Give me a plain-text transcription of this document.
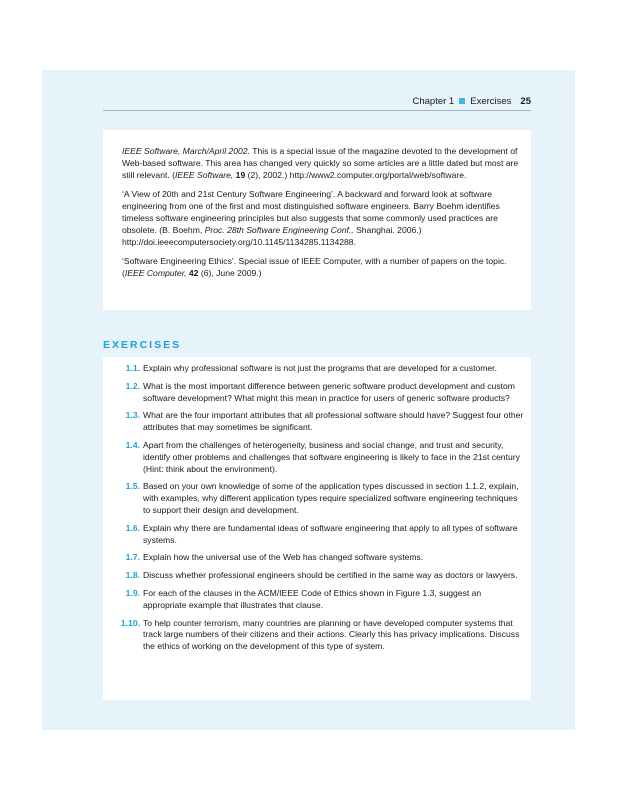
Chapter 1 Exercises 25

IEEE Software, March/April 2002. This is a special issue of the magazine devoted to the development of Web-based software. This area has changed very quickly so some articles are a little dated but most are still relevant. (IEEE Software, 19 (2), 2002.) http://www2.computer.org/portal/web/software.

‘A View of 20th and 21st Century Software Engineering’. A backward and forward look at software engineering from one of the first and most distinguished software engineers. Barry Boehm identifies timeless software engineering principles but also suggests that some commonly used practices are obsolete. (B. Boehm, Proc. 28th Software Engineering Conf., Shanghai. 2006.) http://doi.ieeecomputersociety.org/10.1145/1134285.1134288.

‘Software Engineering Ethics’. Special issue of IEEE Computer, with a number of papers on the topic. (IEEE Computer, 42 (6), June 2009.)

EXERCISES
1.1. Explain why professional software is not just the programs that are developed for a customer.
1.2. What is the most important difference between generic software product development and custom software development? What might this mean in practice for users of generic software products?
1.3. What are the four important attributes that all professional software should have? Suggest four other attributes that may sometimes be significant.
1.4. Apart from the challenges of heterogeneity, business and social change, and trust and security, identify other problems and challenges that software engineering is likely to face in the 21st century (Hint: think about the environment).
1.5. Based on your own knowledge of some of the application types discussed in section 1.1.2, explain, with examples, why different application types require specialized software engineering techniques to support their design and development.
1.6. Explain why there are fundamental ideas of software engineering that apply to all types of software systems.
1.7. Explain how the universal use of the Web has changed software systems.
1.8. Discuss whether professional engineers should be certified in the same way as doctors or lawyers.
1.9. For each of the clauses in the ACM/IEEE Code of Ethics shown in Figure 1.3, suggest an appropriate example that illustrates that clause.
1.10. To help counter terrorism, many countries are planning or have developed computer systems that track large numbers of their citizens and their actions. Clearly this has privacy implications. Discuss the ethics of working on the development of this type of system.
